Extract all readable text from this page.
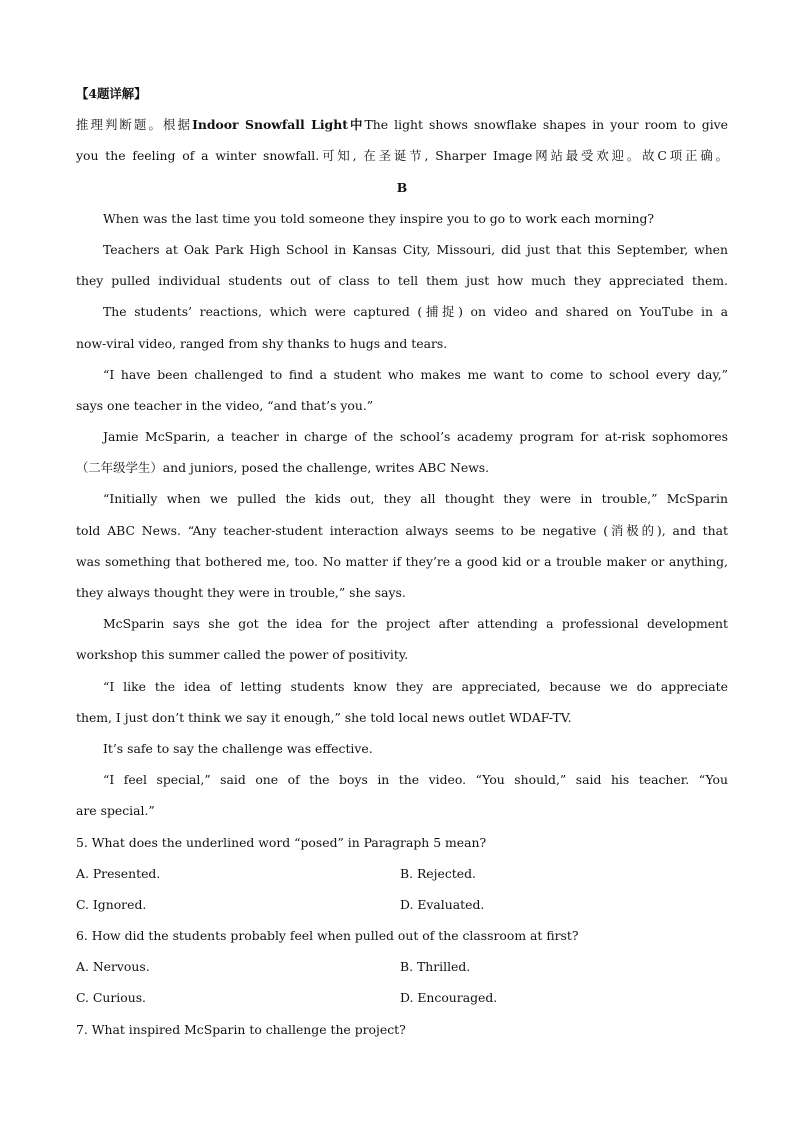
【4题详解】
推理判断题。根据Indoor Snowfall Light中The light shows snowflake shapes in your room to give
you the feeling of a winter snowfall.可知, 在圣诞节, Sharper Image网站最受欢迎。故C项正确。
B
When was the last time you told someone they inspire you to go to work each morning?
Teachers at Oak Park High School in Kansas City, Missouri, did just that this September, when
they pulled individual students out of class to tell them just how much they appreciated them.
The students’ reactions, which were captured (捕捉) on video and shared on YouTube in a
now-viral video, ranged from shy thanks to hugs and tears.
“I have been challenged to find a student who makes me want to come to school every day,”
says one teacher in the video, “and that’s you.”
Jamie McSparin, a teacher in charge of the school’s academy program for at-risk sophomores
（二年级学生）and juniors, posed the challenge, writes ABC News.
“Initially when we pulled the kids out, they all thought they were in trouble,” McSparin
told ABC News. “Any teacher-student interaction always seems to be negative (消极的), and that
was something that bothered me, too. No matter if they’re a good kid or a trouble maker or anything,
they always thought they were in trouble,” she says.
McSparin says she got the idea for the project after attending a professional development
workshop this summer called the power of positivity.
“I like the idea of letting students know they are appreciated, because we do appreciate
them, I just don’t think we say it enough,” she told local news outlet WDAF-TV.
It’s safe to say the challenge was effective.
“I feel special,” said one of the boys in the video. “You should,” said his teacher. “You
are special.”
5. What does the underlined word “posed” in Paragraph 5 mean?
A. Presented.	B. Rejected.
C. Ignored.	D. Evaluated.
6. How did the students probably feel when pulled out of the classroom at first?
A. Nervous.	B. Thrilled.
C. Curious.	D. Encouraged.
7. What inspired McSparin to challenge the project?
